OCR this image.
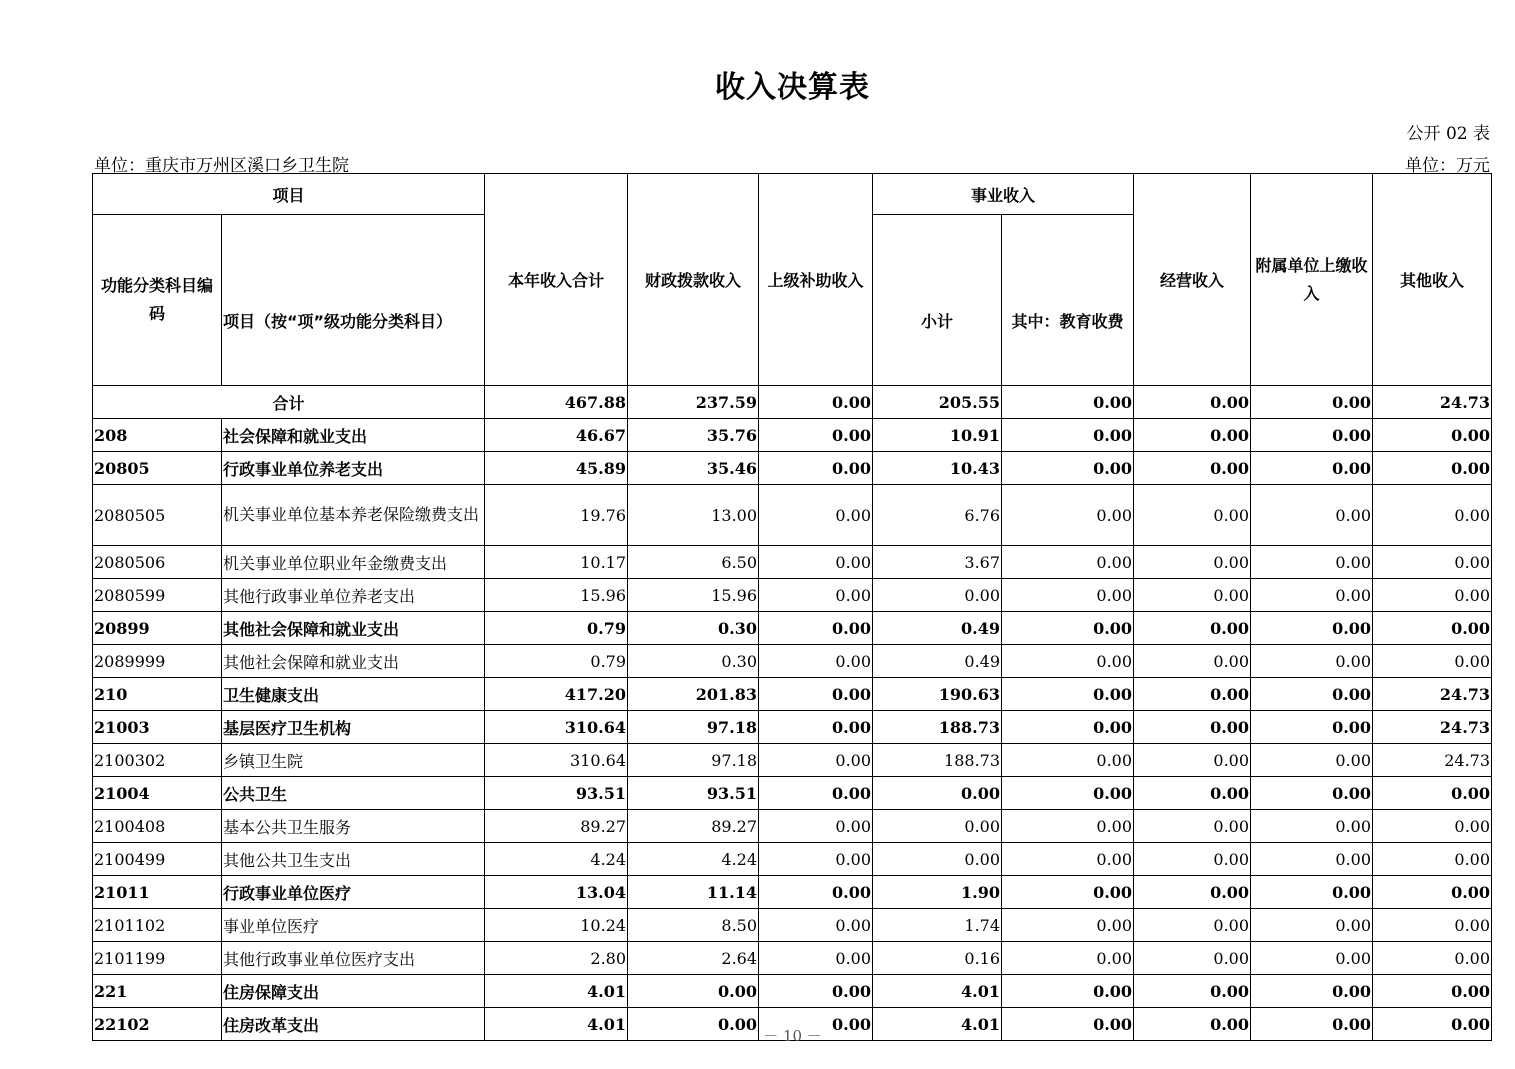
收入决算表
公开 02 表
单位：重庆市万州区溪口乡卫生院	单位：万元
项目		本年收入合计	财政拨款收入	上级补助收入	事业收入		经营收入	附属单位上缴收入	其他收入
功能分类科目编码	项目（按“项”级功能分类科目）				小计	其中：教育收费			
合计		467.88	237.59	0.00	205.55	0.00	0.00	0.00	24.73
208	社会保障和就业支出	46.67	35.76	0.00	10.91	0.00	0.00	0.00	0.00
20805	行政事业单位养老支出	45.89	35.46	0.00	10.43	0.00	0.00	0.00	0.00
2080505	机关事业单位基本养老保险缴费支出	19.76	13.00	0.00	6.76	0.00	0.00	0.00	0.00
2080506	机关事业单位职业年金缴费支出	10.17	6.50	0.00	3.67	0.00	0.00	0.00	0.00
2080599	其他行政事业单位养老支出	15.96	15.96	0.00	0.00	0.00	0.00	0.00	0.00
20899	其他社会保障和就业支出	0.79	0.30	0.00	0.49	0.00	0.00	0.00	0.00
2089999	其他社会保障和就业支出	0.79	0.30	0.00	0.49	0.00	0.00	0.00	0.00
210	卫生健康支出	417.20	201.83	0.00	190.63	0.00	0.00	0.00	24.73
21003	基层医疗卫生机构	310.64	97.18	0.00	188.73	0.00	0.00	0.00	24.73
2100302	乡镇卫生院	310.64	97.18	0.00	188.73	0.00	0.00	0.00	24.73
21004	公共卫生	93.51	93.51	0.00	0.00	0.00	0.00	0.00	0.00
2100408	基本公共卫生服务	89.27	89.27	0.00	0.00	0.00	0.00	0.00	0.00
2100499	其他公共卫生支出	4.24	4.24	0.00	0.00	0.00	0.00	0.00	0.00
21011	行政事业单位医疗	13.04	11.14	0.00	1.90	0.00	0.00	0.00	0.00
2101102	事业单位医疗	10.24	8.50	0.00	1.74	0.00	0.00	0.00	0.00
2101199	其他行政事业单位医疗支出	2.80	2.64	0.00	0.16	0.00	0.00	0.00	0.00
221	住房保障支出	4.01	0.00	0.00	4.01	0.00	0.00	0.00	0.00
22102	住房改革支出	4.01	0.00	0.00	4.01	0.00	0.00	0.00	0.00
－ 10 －
